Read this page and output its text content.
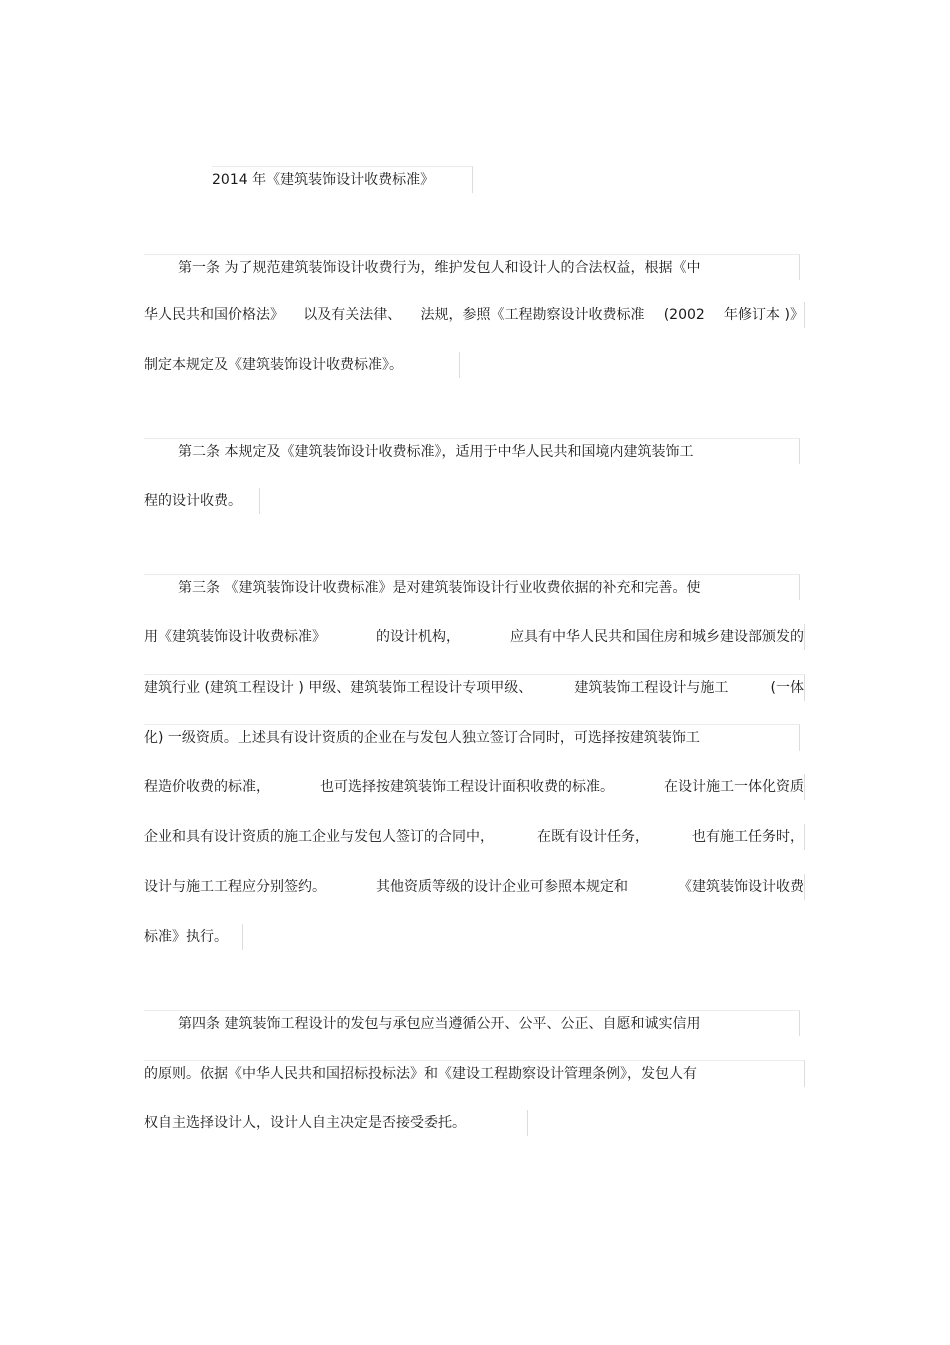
2014 年《建筑装饰设计收费标准》
第一条 为了规范建筑装饰设计收费行为，维护发包人和设计人的合法权益，根据《中
华人民共和国价格法》 以及有关法律、 法规，参照《工程勘察设计收费标准 (2002 年修订本 )》
制定本规定及《建筑装饰设计收费标准》。
第二条 本规定及《建筑装饰设计收费标准》，适用于中华人民共和国境内建筑装饰工
程的设计收费。
第三条 《建筑装饰设计收费标准》是对建筑装饰设计行业收费依据的补充和完善。使
用《建筑装饰设计收费标准》	的设计机构，	应具有中华人民共和国住房和城乡建设部颁发的
建筑行业 (建筑工程设计 ) 甲级、建筑装饰工程设计专项甲级、	建筑装饰工程设计与施工	(一体
化) 一级资质。上述具有设计资质的企业在与发包人独立签订合同时，可选择按建筑装饰工
程造价收费的标准，	也可选择按建筑装饰工程设计面积收费的标准。	在设计施工一体化资质
企业和具有设计资质的施工企业与发包人签订的合同中，	在既有设计任务，	也有施工任务时，
设计与施工工程应分别签约。	其他资质等级的设计企业可参照本规定和	《建筑装饰设计收费
标准》执行。
第四条 建筑装饰工程设计的发包与承包应当遵循公开、公平、公正、自愿和诚实信用
的原则。依据《中华人民共和国招标投标法》和《建设工程勘察设计管理条例》，发包人有
权自主选择设计人，设计人自主决定是否接受委托。
